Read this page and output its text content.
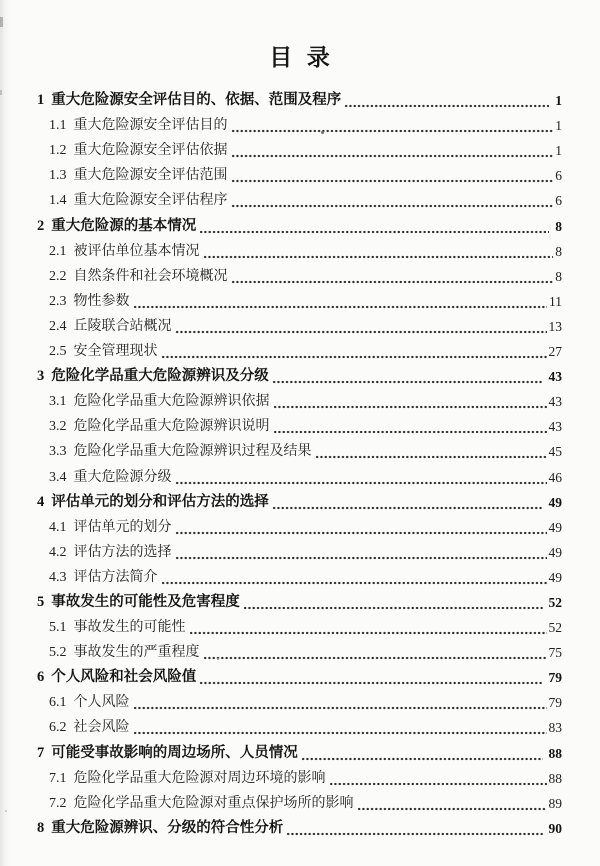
目  录
1 重大危险源安全评估目的、依据、范围及程序	1
1.1 重大危险源安全评估目的	1
1.2 重大危险源安全评估依据	1
1.3 重大危险源安全评估范围	6
1.4 重大危险源安全评估程序	6
2 重大危险源的基本情况	8
2.1 被评估单位基本情况	8
2.2 自然条件和社会环境概况	8
2.3 物性参数	11
2.4 丘陵联合站概况	13
2.5 安全管理现状	27
3 危险化学品重大危险源辨识及分级	43
3.1 危险化学品重大危险源辨识依据	43
3.2 危险化学品重大危险源辨识说明	43
3.3 危险化学品重大危险源辨识过程及结果	45
3.4 重大危险源分级	46
4 评估单元的划分和评估方法的选择	49
4.1 评估单元的划分	49
4.2 评估方法的选择	49
4.3 评估方法简介	49
5 事故发生的可能性及危害程度	52
5.1 事故发生的可能性	52
5.2 事故发生的严重程度	75
6 个人风险和社会风险值	79
6.1 个人风险	79
6.2 社会风险	83
7 可能受事故影响的周边场所、人员情况	88
7.1 危险化学品重大危险源对周边环境的影响	88
7.2 危险化学品重大危险源对重点保护场所的影响	89
8 重大危险源辨识、分级的符合性分析	90
